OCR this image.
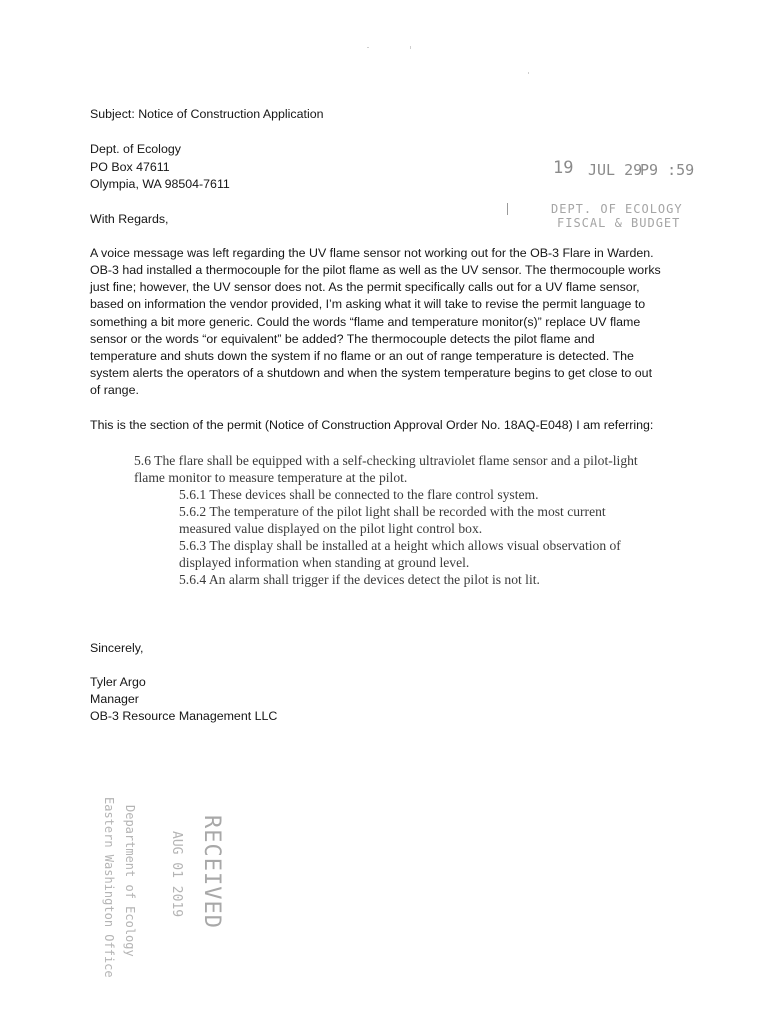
Subject: Notice of Construction Application
Dept. of Ecology
PO Box 47611
Olympia, WA 98504-7611
With Regards,
A voice message was left regarding the UV flame sensor not working out for the OB-3 Flare in Warden.
OB-3 had installed a thermocouple for the pilot flame as well as the UV sensor. The thermocouple works
just fine; however, the UV sensor does not. As the permit specifically calls out for a UV flame sensor,
based on information the vendor provided, I’m asking what it will take to revise the permit language to
something a bit more generic. Could the words “flame and temperature monitor(s)” replace UV flame
sensor or the words “or equivalent” be added? The thermocouple detects the pilot flame and
temperature and shuts down the system if no flame or an out of range temperature is detected. The
system alerts the operators of a shutdown and when the system temperature begins to get close to out
of range.
This is the section of the permit (Notice of Construction Approval Order No. 18AQ-E048) I am referring:
5.6 The flare shall be equipped with a self-checking ultraviolet flame sensor and a pilot-light
flame monitor to measure temperature at the pilot.
5.6.1 These devices shall be connected to the flare control system.
5.6.2 The temperature of the pilot light shall be recorded with the most current
measured value displayed on the pilot light control box.
5.6.3 The display shall be installed at a height which allows visual observation of
displayed information when standing at ground level.
5.6.4 An alarm shall trigger if the devices detect the pilot is not lit.
Sincerely,
Tyler Argo
Manager
OB-3 Resource Management LLC
19 JUL 29
P9 :59
DEPT. OF ECOLOGY
FISCAL & BUDGET
RECEIVED
AUG 01 2019
Department of Ecology
Eastern Washington Office
